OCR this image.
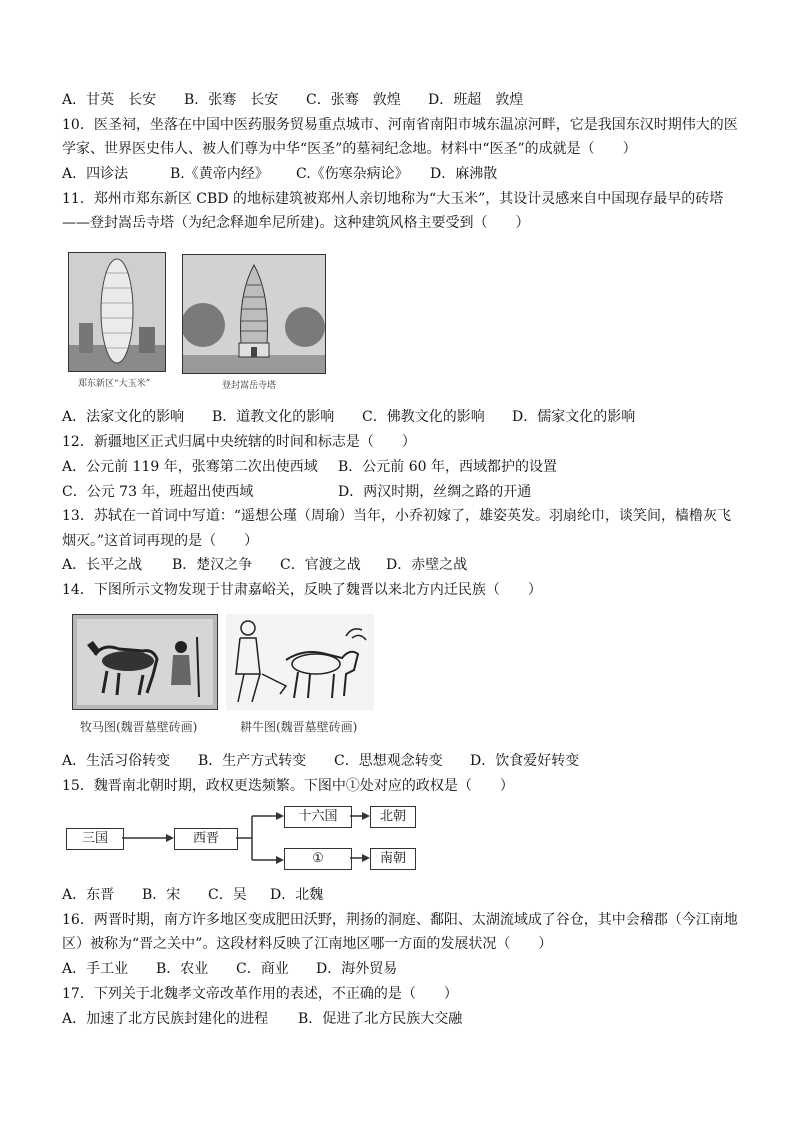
A．甘英　长安 B．张骞　长安 C．张骞　敦煌 D．班超　敦煌
10．医圣祠，坐落在中国中医药服务贸易重点城市、河南省南阳市城东温凉河畔，它是我国东汉时期伟大的医
学家、世界医史伟人、被人们尊为中华“医圣”的墓祠纪念地。材料中“医圣”的成就是（　　）
A．四诊法	B.《黄帝内经》 C.《伤寒杂病论》 D．麻沸散
11．郑州市郑东新区 CBD 的地标建筑被郑州人亲切地称为“大玉米”，其设计灵感来自中国现存最早的砖塔
——登封嵩岳寺塔（为纪念释迦牟尼所建)。这种建筑风格主要受到（　　）
郑东新区“大玉米”	登封嵩岳寺塔
A．法家文化的影响 B．道教文化的影响 C．佛教文化的影响 D．儒家文化的影响
12．新疆地区正式归属中央统辖的时间和标志是（　　）
A．公元前 119 年，张骞第二次出使西域 B．公元前 60 年，西域都护的设置
C．公元 73 年，班超出使西域	D．两汉时期，丝绸之路的开通
13．苏轼在一首词中写道：“遥想公瑾（周瑜）当年，小乔初嫁了，雄姿英发。羽扇纶巾，谈笑间，樯橹灰飞
烟灭。”这首词再现的是（　　）
A．长平之战 B．楚汉之争 C．官渡之战 D．赤壁之战
14．下图所示文物发现于甘肃嘉峪关，反映了魏晋以来北方内迁民族（　　）
牧马图(魏晋墓壁砖画)	耕牛图(魏晋墓壁砖画)
A．生活习俗转变 B．生产方式转变 C．思想观念转变 D．饮食爱好转变
15．魏晋南北朝时期，政权更迭频繁。下图中①处对应的政权是（　　）
三国	西晋
十六国	北朝
①	南朝
A．东晋 B．宋 C．吴 D．北魏
16．两晋时期，南方许多地区变成肥田沃野，荆扬的洞庭、鄱阳、太湖流域成了谷仓，其中会稽郡（今江南地
区）被称为“晋之关中”。这段材料反映了江南地区哪一方面的发展状况（　　）
A．手工业 B．农业 C．商业 D．海外贸易
17．下列关于北魏孝文帝改革作用的表述，不正确的是（　　）
A．加速了北方民族封建化的进程 B．促进了北方民族大交融
